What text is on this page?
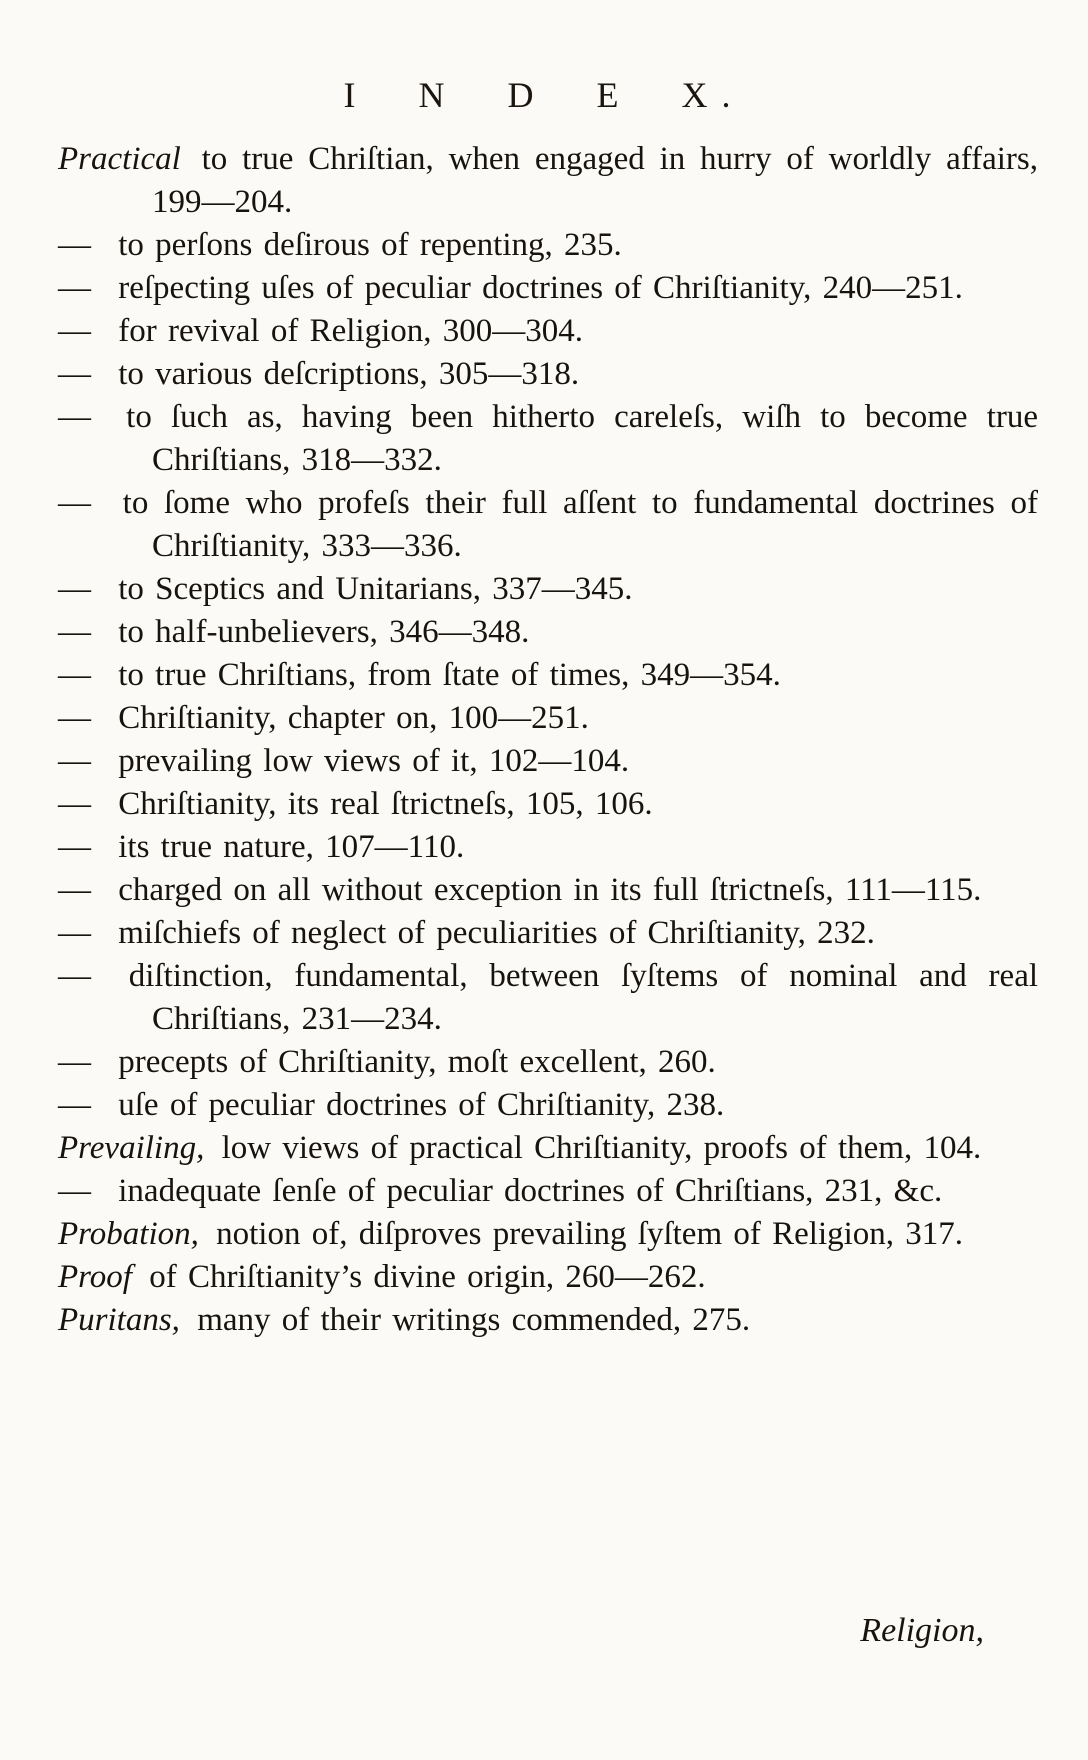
I N D E X.

Practical to true Chriſtian, when engaged in hurry of worldly affairs, 199—204.

— to perſons deſirous of repenting, 235.

— reſpecting uſes of peculiar doctrines of Chriſtianity, 240—251.

— for revival of Religion, 300—304.

— to various deſcriptions, 305—318.

— to ſuch as, having been hitherto careleſs, wiſh to become true Chriſtians, 318—332.

— to ſome who profeſs their full aſſent to fundamental doctrines of Chriſtianity, 333—336.

— to Sceptics and Unitarians, 337—345.

— to half-unbelievers, 346—348.

— to true Chriſtians, from ſtate of times, 349—354.

— Chriſtianity, chapter on, 100—251.

— prevailing low views of it, 102—104.

— Chriſtianity, its real ſtrictneſs, 105, 106.

— its true nature, 107—110.

— charged on all without exception in its full ſtrictneſs, 111—115.

— miſchiefs of neglect of peculiarities of Chriſtianity, 232.

— diſtinction, fundamental, between ſyſtems of nominal and real Chriſtians, 231—234.

— precepts of Chriſtianity, moſt excellent, 260.

— uſe of peculiar doctrines of Chriſtianity, 238.

Prevailing, low views of practical Chriſtianity, proofs of them, 104.

— inadequate ſenſe of peculiar doctrines of Chriſtians, 231, &c.

Probation, notion of, diſproves prevailing ſyſtem of Religion, 317.

Proof of Chriſtianity’s divine origin, 260—262.

Puritans, many of their writings commended, 275.

Religion,
